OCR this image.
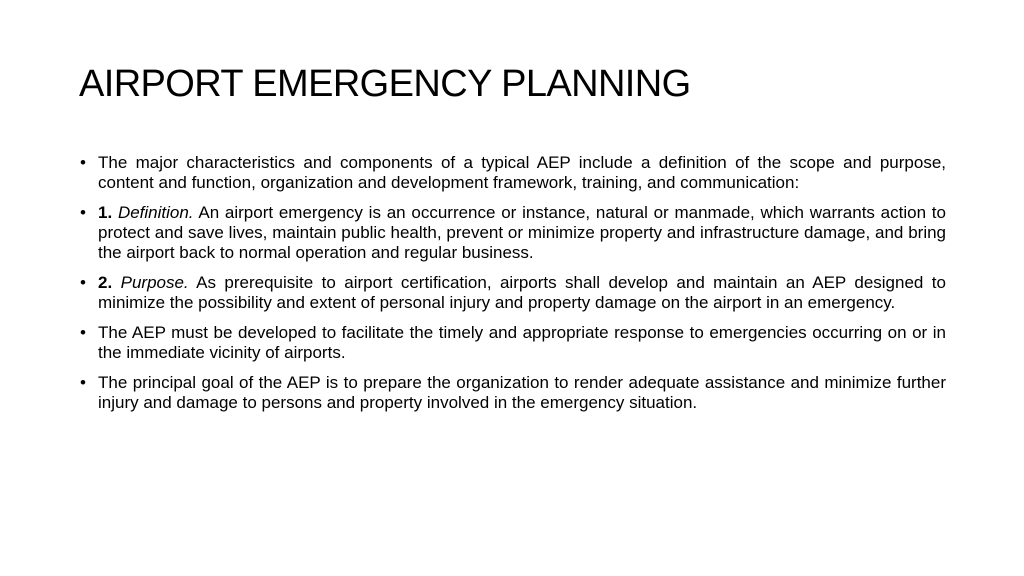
AIRPORT EMERGENCY PLANNING
• The major characteristics and components of a typical AEP include a definition of the scope and purpose, content and function, organization and development framework, training, and communication:
• 1. Definition. An airport emergency is an occurrence or instance, natural or manmade, which warrants action to protect and save lives, maintain public health, prevent or minimize property and infrastructure damage, and bring the airport back to normal operation and regular business.
• 2. Purpose. As prerequisite to airport certification, airports shall develop and maintain an AEP designed to minimize the possibility and extent of personal injury and property damage on the airport in an emergency.
• The AEP must be developed to facilitate the timely and appropriate response to emergencies occurring on or in the immediate vicinity of airports.
• The principal goal of the AEP is to prepare the organization to render adequate assistance and minimize further injury and damage to persons and property involved in the emergency situation.
